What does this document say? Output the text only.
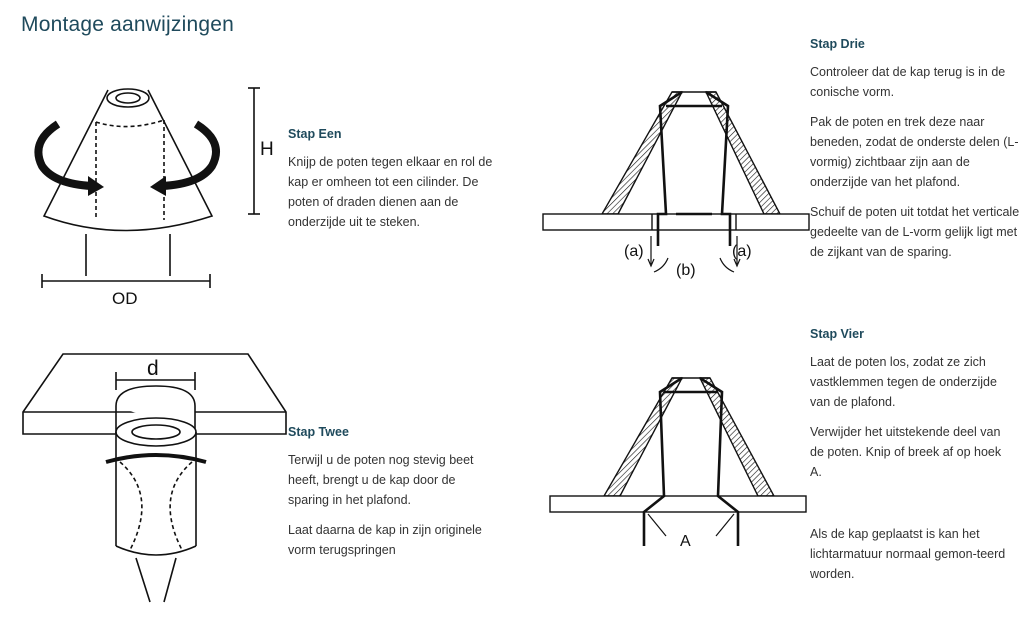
Montage aanwijzingen
H
OD
d
(a)	(a)
(b)
A
Stap Een

Knijp de poten tegen elkaar en rol de kap er omheen tot een cilinder. De poten of draden dienen aan de onderzijde uit te steken.

Stap Twee

Terwijl u de poten nog stevig beet heeft, brengt u de kap door de sparing in het plafond.

Laat daarna de kap in zijn originele vorm terugspringen

Stap Drie

Controleer dat de kap terug is in de conische vorm.

Pak de poten en trek deze naar beneden, zodat de onderste delen (L-vormig) zichtbaar zijn aan de onderzijde van het plafond.

Schuif de poten uit totdat het verticale gedeelte van de L-vorm gelijk ligt met de zijkant van de sparing.

Stap Vier

Laat de poten los, zodat ze zich vastklemmen tegen de onderzijde van de plafond.

Verwijder het uitstekende deel van de poten. Knip of breek af op hoek A.

Als de kap geplaatst is kan het lichtarmatuur normaal gemon-teerd worden.
